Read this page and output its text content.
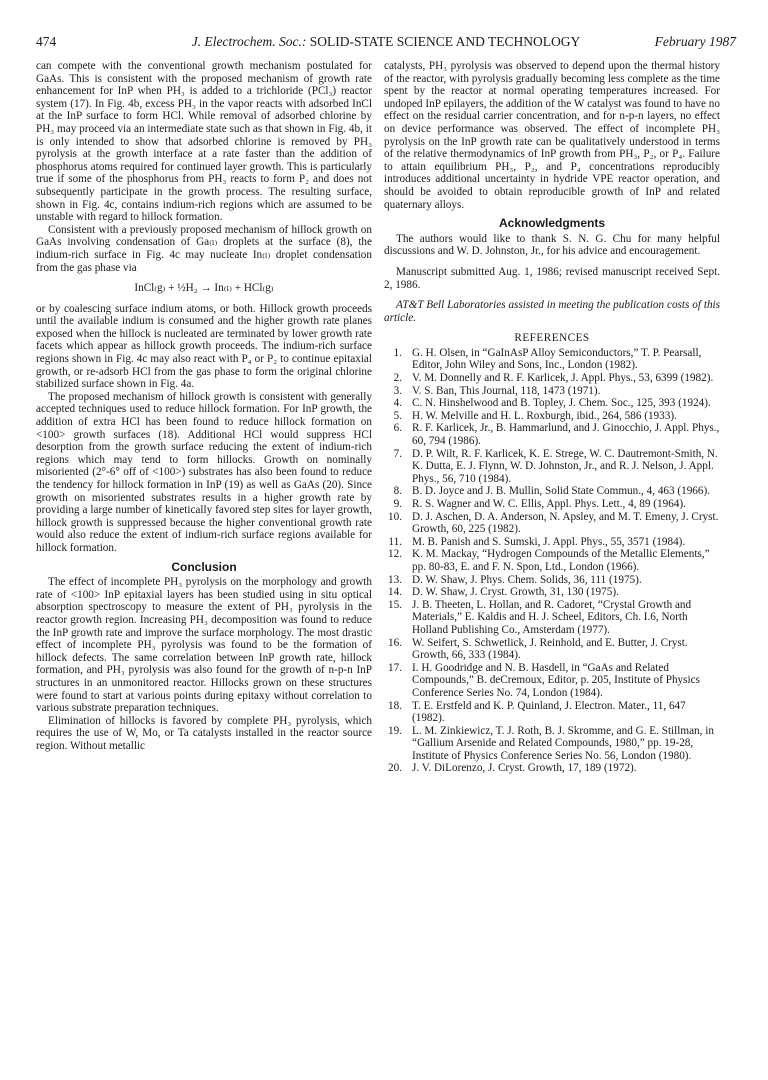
474	J. Electrochem. Soc.: SOLID-STATE SCIENCE AND TECHNOLOGY	February 1987

can compete with the conventional growth mechanism postulated for GaAs. This is consistent with the proposed mechanism of growth rate enhancement for InP when PH₃ is added to a trichloride (PCl₃) reactor system (17). In Fig. 4b, excess PH₃ in the vapor reacts with adsorbed InCl at the InP surface to form HCl. While removal of adsorbed chlorine by PH₃ may proceed via an intermediate state such as that shown in Fig. 4b, it is only intended to show that adsorbed chlorine is removed by PH₃ pyrolysis at the growth interface at a rate faster than the addition of phosphorus atoms required for continued layer growth. This is particularly true if some of the phosphorus from PH₃ reacts to form P₂ and does not subsequently participate in the growth process. The resulting surface, shown in Fig. 4c, contains indium-rich regions which are assumed to be unstable with regard to hillock formation.

Consistent with a previously proposed mechanism of hillock growth on GaAs involving condensation of Ga₍ₗ₎ droplets at the surface (8), the indium-rich surface in Fig. 4c may nucleate In₍ₗ₎ droplet condensation from the gas phase via

InCl₍g₎ + ½H₂ → In₍ₗ₎ + HCl₍g₎

or by coalescing surface indium atoms, or both. Hillock growth proceeds until the available indium is consumed and the higher growth rate planes exposed when the hillock is nucleated are terminated by lower growth rate facets which appear as hillock growth proceeds. The indium-rich surface regions shown in Fig. 4c may also react with P₄ or P₂ to continue epitaxial growth, or re-adsorb HCl from the gas phase to form the original chlorine stabilized surface shown in Fig. 4a.

The proposed mechanism of hillock growth is consistent with generally accepted techniques used to reduce hillock formation. For InP growth, the addition of extra HCl has been found to reduce hillock formation on <100> growth surfaces (18). Additional HCl would suppress HCl desorption from the growth surface reducing the extent of indium-rich regions which may tend to form hillocks. Growth on nominally misoriented (2°-6° off of <100>) substrates has also been found to reduce the tendency for hillock formation in InP (19) as well as GaAs (20). Since growth on misoriented substrates results in a higher growth rate by providing a large number of kinetically favored step sites for layer growth, hillock growth is suppressed because the higher conventional growth rate would also reduce the extent of indium-rich surface regions available for hillock formation.

Conclusion

The effect of incomplete PH₃ pyrolysis on the morphology and growth rate of <100> InP epitaxial layers has been studied using in situ optical absorption spectroscopy to measure the extent of PH₃ pyrolysis in the reactor growth region. Increasing PH₃ decomposition was found to reduce the InP growth rate and improve the surface morphology. The most drastic effect of incomplete PH₃ pyrolysis was found to be the formation of hillock defects. The same correlation between InP growth rate, hillock formation, and PH₃ pyrolysis was also found for the growth of n-p-n InP structures in an unmonitored reactor. Hillocks grown on these structures were found to start at various points during epitaxy without correlation to various substrate preparation techniques.

Elimination of hillocks is favored by complete PH₃ pyrolysis, which requires the use of W, Mo, or Ta catalysts installed in the reactor source region. Without metallic

catalysts, PH₃ pyrolysis was observed to depend upon the thermal history of the reactor, with pyrolysis gradually becoming less complete as the time spent by the reactor at normal operating temperatures increased. For undoped InP epilayers, the addition of the W catalyst was found to have no effect on the residual carrier concentration, and for n-p-n layers, no effect on device performance was observed. The effect of incomplete PH₃ pyrolysis on the InP growth rate can be qualitatively understood in terms of the relative thermodynamics of InP growth from PH₃, P₂, or P₄. Failure to attain equilibrium PH₃, P₂, and P₄ concentrations reproducibly introduces additional uncertainty in hydride VPE reactor operation, and should be avoided to obtain reproducible growth of InP and related quaternary alloys.

Acknowledgments

The authors would like to thank S. N. G. Chu for many helpful discussions and W. D. Johnston, Jr., for his advice and encouragement.

Manuscript submitted Aug. 1, 1986; revised manuscript received Sept. 2, 1986.

AT&T Bell Laboratories assisted in meeting the publication costs of this article.

REFERENCES
1. G. H. Olsen, in “GaInAsP Alloy Semiconductors,” T. P. Pearsall, Editor, John Wiley and Sons, Inc., London (1982).
2. V. M. Donnelly and R. F. Karlicek, J. Appl. Phys., 53, 6399 (1982).
3. V. S. Ban, This Journal, 118, 1473 (1971).
4. C. N. Hinshelwood and B. Topley, J. Chem. Soc., 125, 393 (1924).
5. H. W. Melville and H. L. Roxburgh, ibid., 264, 586 (1933).
6. R. F. Karlicek, Jr., B. Hammarlund, and J. Ginocchio, J. Appl. Phys., 60, 794 (1986).
7. D. P. Wilt, R. F. Karlicek, K. E. Strege, W. C. Dautremont-Smith, N. K. Dutta, E. J. Flynn, W. D. Johnston, Jr., and R. J. Nelson, J. Appl. Phys., 56, 710 (1984).
8. B. D. Joyce and J. B. Mullin, Solid State Commun., 4, 463 (1966).
9. R. S. Wagner and W. C. Ellis, Appl. Phys. Lett., 4, 89 (1964).
10. D. J. Aschen, D. A. Anderson, N. Apsley, and M. T. Emeny, J. Cryst. Growth, 60, 225 (1982).
11. M. B. Panish and S. Sumski, J. Appl. Phys., 55, 3571 (1984).
12. K. M. Mackay, “Hydrogen Compounds of the Metallic Elements,” pp. 80-83, E. and F. N. Spon, Ltd., London (1966).
13. D. W. Shaw, J. Phys. Chem. Solids, 36, 111 (1975).
14. D. W. Shaw, J. Cryst. Growth, 31, 130 (1975).
15. J. B. Theeten, L. Hollan, and R. Cadoret, “Crystal Growth and Materials,” E. Kaldis and H. J. Scheel, Editors, Ch. I.6, North Holland Publishing Co., Amsterdam (1977).
16. W. Seifert, S. Schwetlick, J. Reinhold, and E. Butter, J. Cryst. Growth, 66, 333 (1984).
17. I. H. Goodridge and N. B. Hasdell, in “GaAs and Related Compounds,” B. deCremoux, Editor, p. 205, Institute of Physics Conference Series No. 74, London (1984).
18. T. E. Erstfeld and K. P. Quinland, J. Electron. Mater., 11, 647 (1982).
19. L. M. Zinkiewicz, T. J. Roth, B. J. Skromme, and G. E. Stillman, in “Gallium Arsenide and Related Compounds, 1980,” pp. 19-28, Institute of Physics Conference Series No. 56, London (1980).
20. J. V. DiLorenzo, J. Cryst. Growth, 17, 189 (1972).
